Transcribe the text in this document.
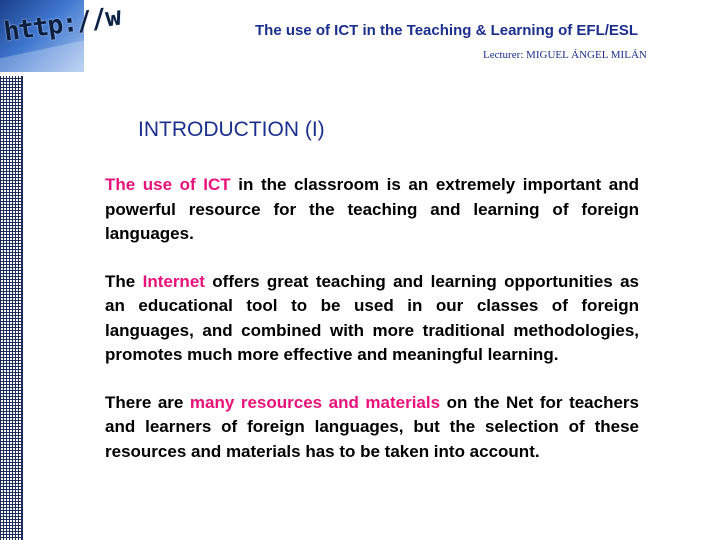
http://w	The use of ICT in the Teaching & Learning of EFL/ESL
Lecturer: MIGUEL ÁNGEL MILÁN
INTRODUCTION (I)

The use of ICT in the classroom is an extremely important and powerful resource for the teaching and learning of foreign languages.

The Internet offers great teaching and learning opportunities as an educational tool to be used in our classes of foreign languages, and combined with more traditional methodologies, promotes much more effective and meaningful learning.

There are many resources and materials on the Net for teachers and learners of foreign languages, but the selection of these resources and materials has to be taken into account.
